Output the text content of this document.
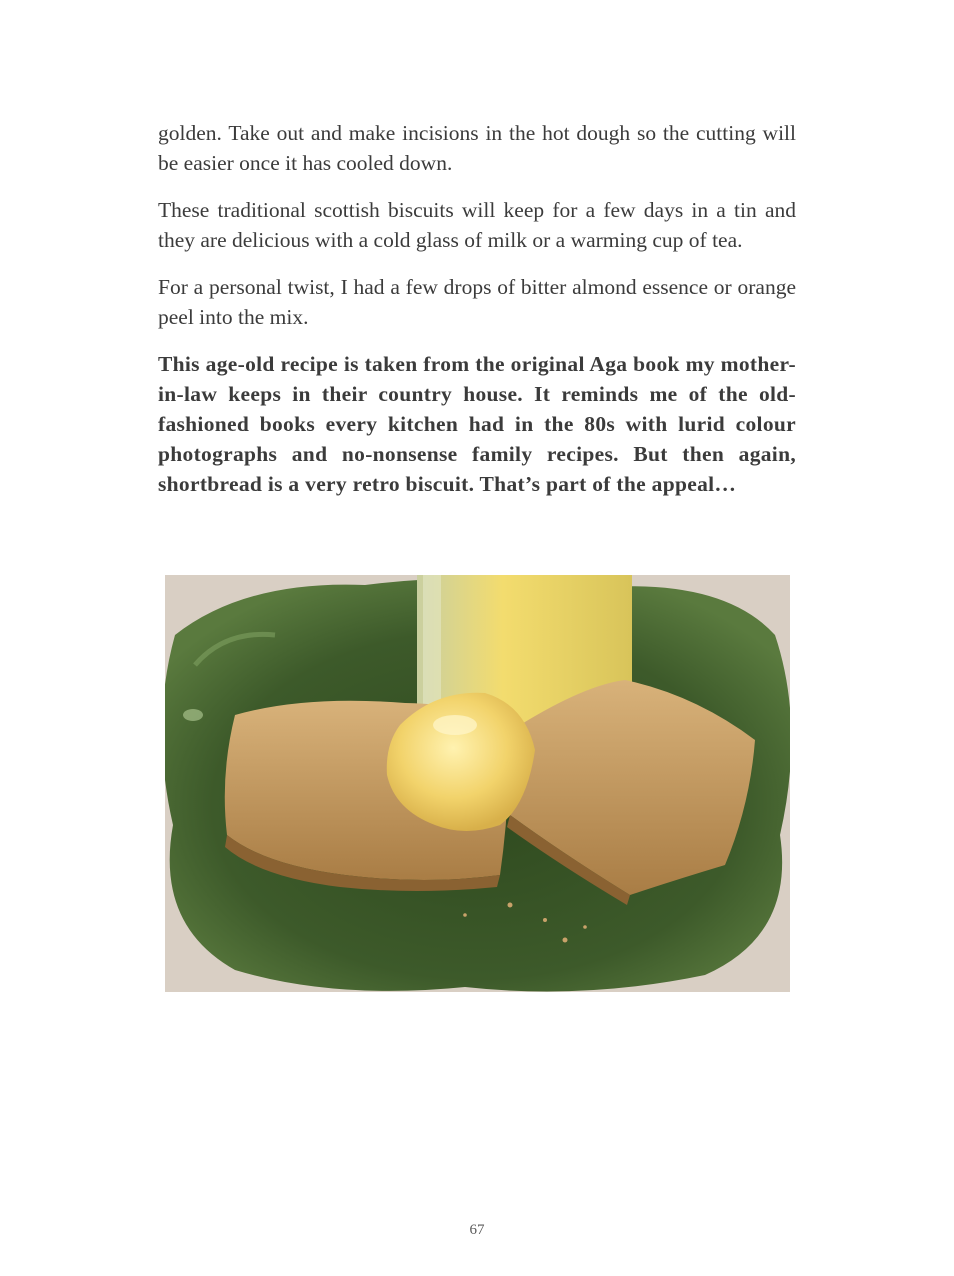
golden. Take out and make incisions in the hot dough so the cutting will be easier once it has cooled down.

These traditional scottish biscuits will keep for a few days in a tin and they are delicious with a cold glass of milk or a warming cup of tea.

For a personal twist, I had a few drops of bitter almond essence or orange peel into the mix.

This age-old recipe is taken from the original Aga book my mother-in-law keeps in their country house. It reminds me of the old-fashioned books every kitchen had in the 80s with lurid colour photographs and no-nonsense family recipes. But then again, shortbread is a very retro biscuit. That’s part of the appeal…

67
